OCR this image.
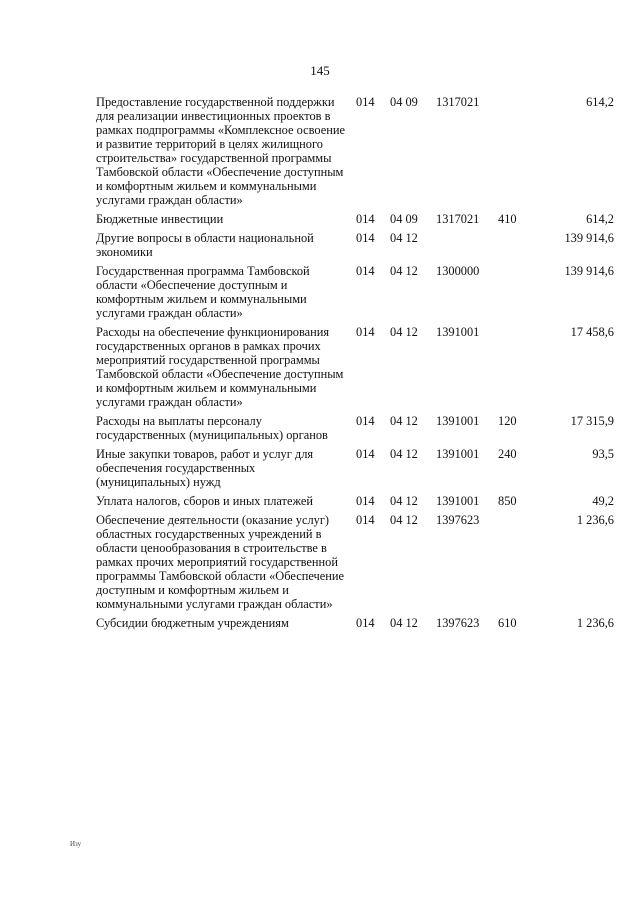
145
Предоставление государственной поддержки для реализации инвестиционных проектов в рамках подпрограммы «Комплексное освоение и развитие территорий в целях жилищного строительства» государственной программы Тамбовской области «Обеспечение доступным и комфортным жильем и коммунальными услугами граждан области»	014	04 09	1317021		614,2
Бюджетные инвестиции	014	04 09	1317021	410	614,2
Другие вопросы в области национальной экономики	014	04 12			139 914,6
Государственная программа Тамбовской области «Обеспечение доступным и комфортным жильем и коммунальными услугами граждан области»	014	04 12	1300000		139 914,6
Расходы на обеспечение функционирования государственных органов в рамках прочих мероприятий государственной программы Тамбовской области «Обеспечение доступным и комфортным жильем и коммунальными услугами граждан области»	014	04 12	1391001		17 458,6
Расходы на выплаты персоналу государственных (муниципальных) органов	014	04 12	1391001	120	17 315,9
Иные закупки товаров, работ и услуг для обеспечения государственных (муниципальных) нужд	014	04 12	1391001	240	93,5
Уплата налогов, сборов и иных платежей	014	04 12	1391001	850	49,2
Обеспечение деятельности (оказание услуг) областных государственных учреждений в области ценообразования в строительстве в рамках прочих мероприятий государственной программы Тамбовской области «Обеспечение доступным и комфортным жильем и коммунальными услугами граждан области»	014	04 12	1397623		1 236,6
Субсидии бюджетным учреждениям	014	04 12	1397623	610	1 236,6
Изу
